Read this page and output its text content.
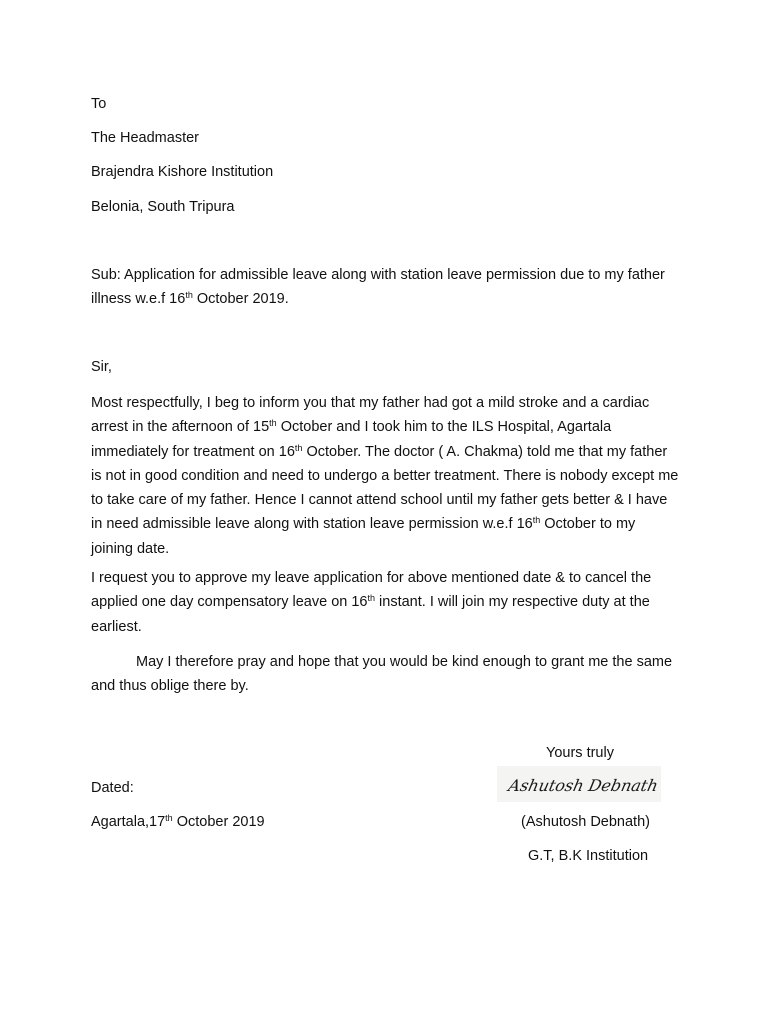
To
The Headmaster
Brajendra Kishore Institution
Belonia, South Tripura
Sub: Application for admissible leave along with station leave permission due to my father illness w.e.f 16th October 2019.
Sir,
Most respectfully, I beg to inform you that my father had got a mild stroke and a cardiac arrest in the afternoon of 15th October and I took him to the ILS Hospital, Agartala immediately for treatment on 16th October. The doctor ( A. Chakma) told me that my father is not in good condition and need to undergo a better treatment. There is nobody except me to take care of my father. Hence I cannot attend school until my father gets better & I have in need admissible leave along with station leave permission w.e.f 16th October to my joining date.
I request you to approve my leave application for above mentioned date & to cancel the applied one day compensatory leave on 16th instant. I will join my respective duty at the earliest.
May I therefore pray and hope that you would be kind enough to grant me the same and thus oblige there by.
Yours truly
Ashutosh Debnath
Dated:
Agartala,17th October 2019	(Ashutosh Debnath)
G.T, B.K Institution
